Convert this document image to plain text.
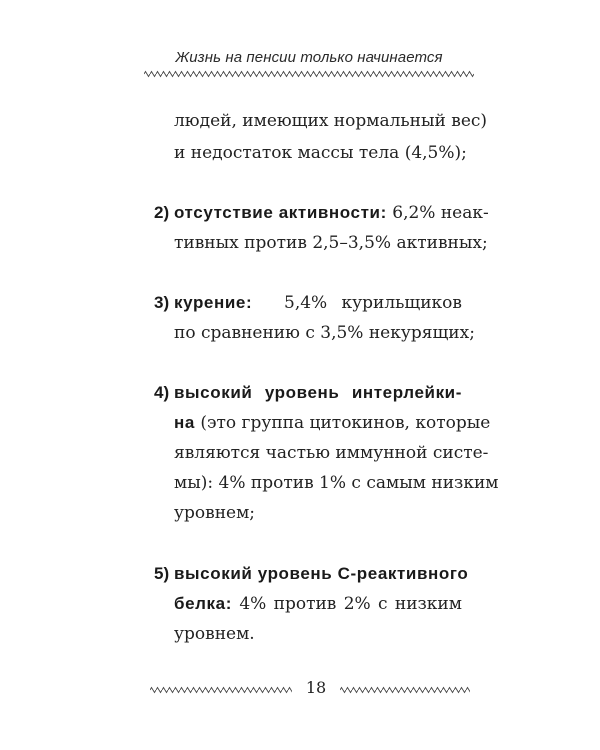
Жизнь на пенсии только начинается
людей, имеющих нормальный вес)
и недостаток массы тела (4,5%);
2) отсутствие активности: 6,2% неак-
тивных против 2,5–3,5% активных;
3) курение: 5,4% курильщиков
по сравнению с 3,5% некурящих;
4) высокий уровень интерлейки-
на (это группа цитокинов, которые
являются частью иммунной систе-
мы): 4% против 1% с самым низким
уровнем;
5) высокий уровень С-реактивного
белка: 4% против 2% с низким
уровнем.
18
